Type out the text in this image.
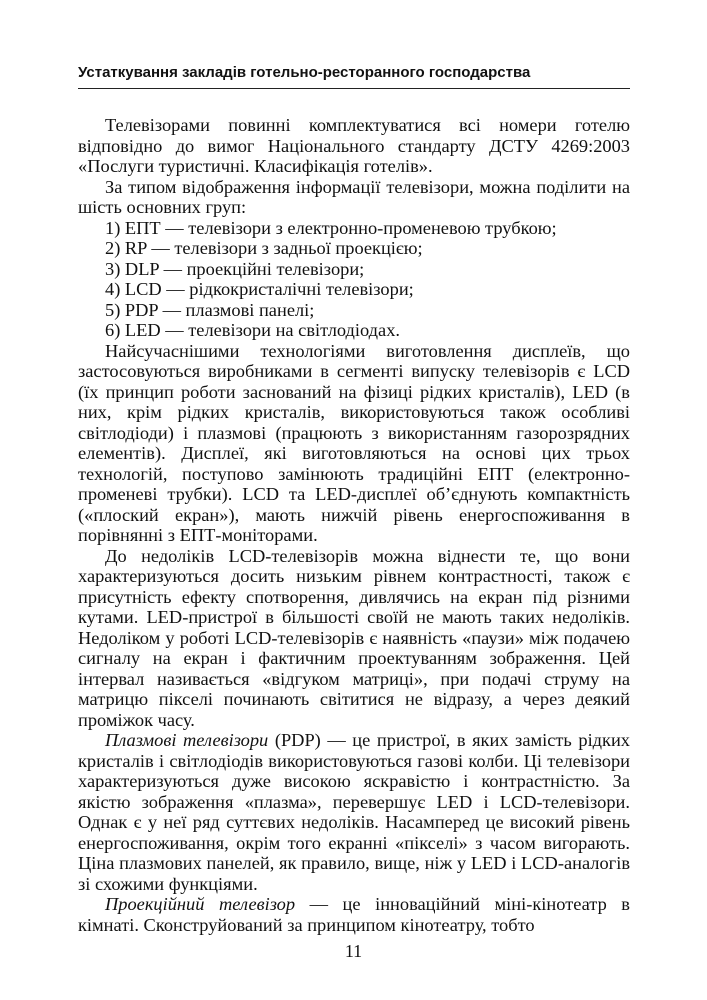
Устаткування закладів готельно-ресторанного господарства

Телевізорами повинні комплектуватися всі номери готелю відповідно до вимог Національного стандарту ДСТУ 4269:2003 «Послуги туристичні. Класифікація готелів».

За типом відображення інформації телевізори, можна поділити на шість основних груп:

1) ЕПТ — телевізори з електронно-променевою трубкою;

2) RP — телевізори з задньої проекцією;

3) DLP — проекційні телевізори;

4) LCD — рідкокристалічні телевізори;

5) PDP — плазмові панелі;

6) LED — телевізори на світлодіодах.

Найсучаснішими технологіями виготовлення дисплеїв, що застосовуються виробниками в сегменті випуску телевізорів є LCD (їх принцип роботи заснований на фізиці рідких кристалів), LED (в них, крім рідких кристалів, використовуються також особливі світлодіоди) і плазмові (працюють з використанням газорозрядних елементів). Дисплеї, які виготовляються на основі цих трьох технологій, поступово замінюють традиційні ЕПТ (електронно-променеві трубки). LCD та LED-дисплеї об’єднують компактність («плоский екран»), мають нижчій рівень енергоспоживання в порівнянні з ЕПТ-моніторами.

До недоліків LCD-телевізорів можна віднести те, що вони характеризуються досить низьким рівнем контрастності, також є присутність ефекту спотворення, дивлячись на екран під різними кутами. LED-пристрої в більшості своїй не мають таких недоліків. Недоліком у роботі LCD-телевізорів є наявність «паузи» між подачею сигналу на екран і фактичним проектуванням зображення. Цей інтервал називається «відгуком матриці», при подачі струму на матрицю пікселі починають світитися не відразу, а через деякий проміжок часу.

Плазмові телевізори (PDP) — це пристрої, в яких замість рідких кристалів і світлодіодів використовуються газові колби. Ці телевізори характеризуються дуже високою яскравістю і контрастністю. За якістю зображення «плазма», перевершує LED і LCD-телевізори. Однак є у неї ряд суттєвих недоліків. Насамперед це високий рівень енергоспоживання, окрім того екранні «пікселі» з часом вигорають. Ціна плазмових панелей, як правило, вище, ніж у LED і LCD-аналогів зі схожими функціями.

Проекційний телевізор — це інноваційний міні-кінотеатр в кімнаті. Сконструйований за принципом кінотеатру, тобто

11
